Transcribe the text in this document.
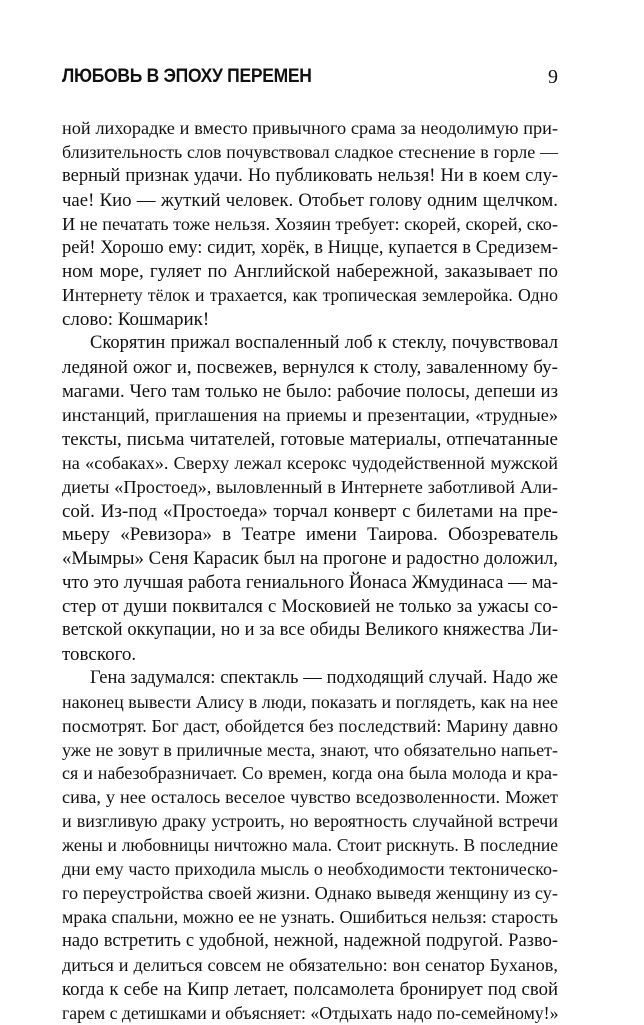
ЛЮБОВЬ В ЭПОХУ ПЕРЕМЕН	9

ной лихорадке и вместо привычного срама за неодолимую при-
близительность слов почувствовал сладкое стеснение в горле —
верный признак удачи. Но публиковать нельзя! Ни в коем слу-
чае! Кио — жуткий человек. Отобьет голову одним щелчком.
И не печатать тоже нельзя. Хозяин требует: скорей, скорей, ско-
рей! Хорошо ему: сидит, хорёк, в Ницце, купается в Средизем-
ном море, гуляет по Английской набережной, заказывает по
Интернету тёлок и трахается, как тропическая землеройка. Одно
слово: Кошмарик!

Скорятин прижал воспаленный лоб к стеклу, почувствовал
ледяной ожог и, посвежев, вернулся к столу, заваленному бу-
магами. Чего там только не было: рабочие полосы, депеши из
инстанций, приглашения на приемы и презентации, «трудные»
тексты, письма читателей, готовые материалы, отпечатанные
на «собаках». Сверху лежал ксерокс чудодейственной мужской
диеты «Простоед», выловленный в Интернете заботливой Али-
сой. Из-под «Простоеда» торчал конверт с билетами на пре-
мьеру «Ревизора» в Театре имени Таирова. Обозреватель
«Мымры» Сеня Карасик был на прогоне и радостно доложил,
что это лучшая работа гениального Йонаса Жмудинаса — ма-
стер от души поквитался с Московией не только за ужасы со-
ветской оккупации, но и за все обиды Великого княжества Ли-
товского.

Гена задумался: спектакль — подходящий случай. Надо же
наконец вывести Алису в люди, показать и поглядеть, как на нее
посмотрят. Бог даст, обойдется без последствий: Марину давно
уже не зовут в приличные места, знают, что обязательно напьет-
ся и набезобразничает. Со времен, когда она была молода и кра-
сива, у нее осталось веселое чувство вседозволенности. Может
и визгливую драку устроить, но вероятность случайной встречи
жены и любовницы ничтожно мала. Стоит рискнуть. В последние
дни ему часто приходила мысль о необходимости тектоническо-
го переустройства своей жизни. Однако выведя женщину из су-
мрака спальни, можно ее не узнать. Ошибиться нельзя: старость
надо встретить с удобной, нежной, надежной подругой. Разво-
диться и делиться совсем не обязательно: вон сенатор Буханов,
когда к себе на Кипр летает, полсамолета бронирует под свой
гарем с детишками и объясняет: «Отдыхать надо по-семейному!»
